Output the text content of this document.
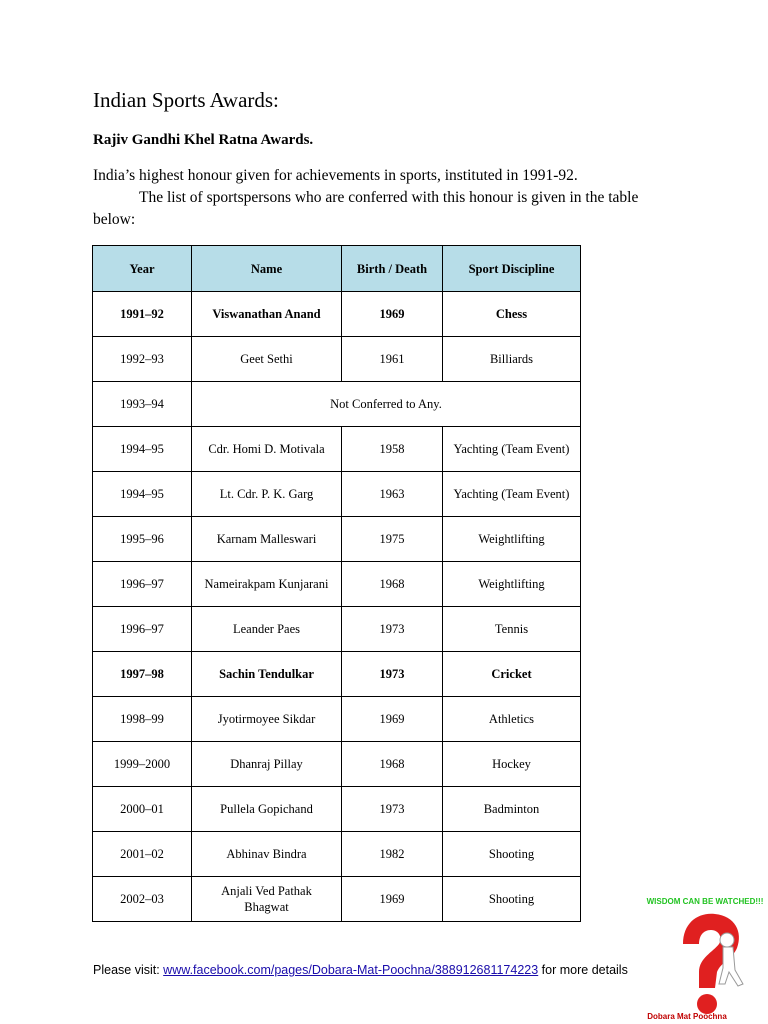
Indian Sports Awards:
Rajiv Gandhi Khel Ratna Awards.
India’s highest honour given for achievements in sports, instituted in 1991-92.
The list of sportspersons who are conferred with this honour is given in the table below:
Year	Name	Birth / Death	Sport Discipline
1991–92	Viswanathan Anand	1969	Chess
1992–93	Geet Sethi	1961	Billiards
1993–94	Not Conferred to Any.		
1994–95	Cdr. Homi D. Motivala	1958	Yachting (Team Event)
1994–95	Lt. Cdr. P. K. Garg	1963	Yachting (Team Event)
1995–96	Karnam Malleswari	1975	Weightlifting
1996–97	Nameirakpam Kunjarani	1968	Weightlifting
1996–97	Leander Paes	1973	Tennis
1997–98	Sachin Tendulkar	1973	Cricket
1998–99	Jyotirmoyee Sikdar	1969	Athletics
1999–2000	Dhanraj Pillay	1968	Hockey
2000–01	Pullela Gopichand	1973	Badminton
2001–02	Abhinav Bindra	1982	Shooting
2002–03	Anjali Ved Pathak Bhagwat	1969	Shooting
Please visit: www.facebook.com/pages/Dobara-Mat-Poochna/388912681174223 for more details
WISDOM CAN BE WATCHED!!!
Dobara Mat Poochna
